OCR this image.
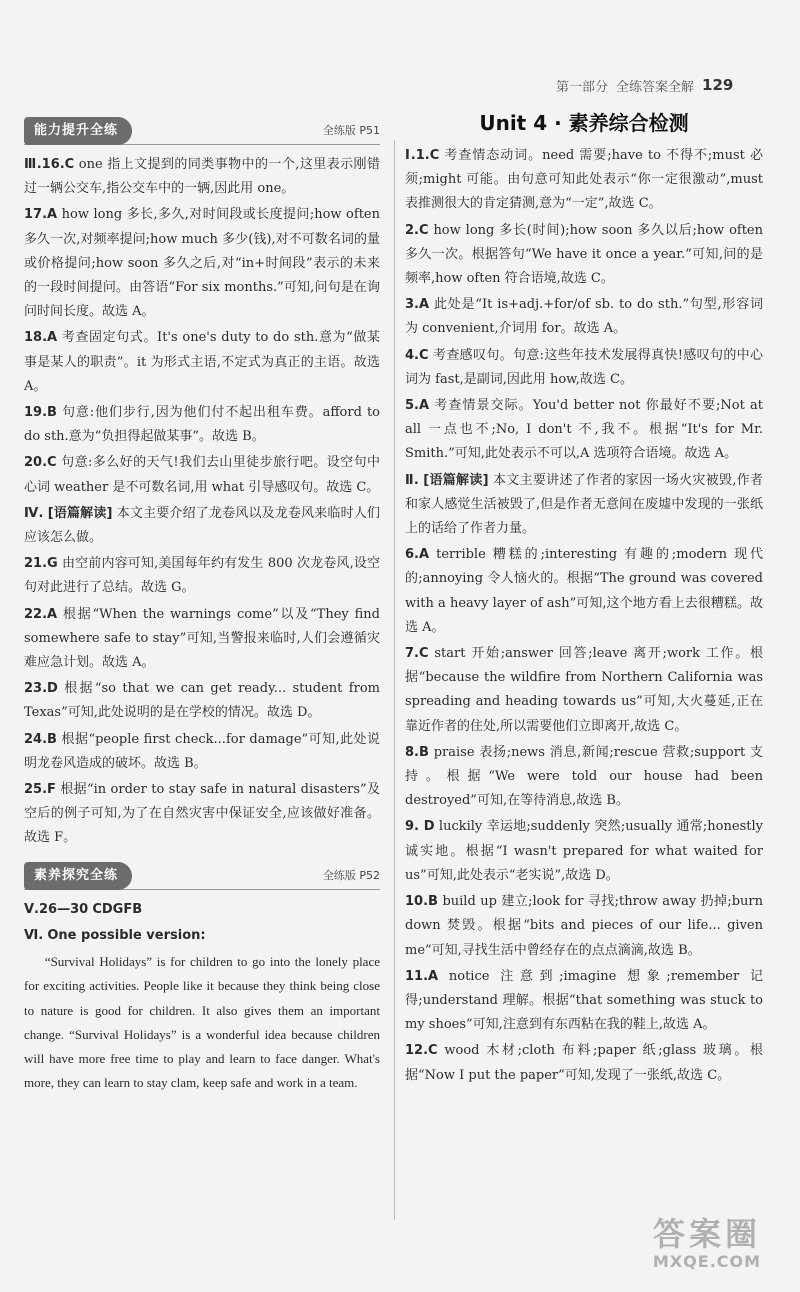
第一部分 全练答案全解 129
能力提升全练	全练版 P51
Ⅲ.16.C one 指上文提到的同类事物中的一个,这里表示刚错过一辆公交车,指公交车中的一辆,因此用 one。
17.A how long 多长,多久,对时间段或长度提问;how often 多久一次,对频率提问;how much 多少(钱),对不可数名词的量或价格提问;how soon 多久之后,对“in+时间段”表示的未来的一段时间提问。由答语“For six months.”可知,问句是在询问时间长度。故选 A。
18.A 考查固定句式。It's one's duty to do sth.意为“做某事是某人的职责”。it 为形式主语,不定式为真正的主语。故选 A。
19.B 句意:他们步行,因为他们付不起出租车费。afford to do sth.意为“负担得起做某事”。故选 B。
20.C 句意:多么好的天气!我们去山里徒步旅行吧。设空句中心词 weather 是不可数名词,用 what 引导感叹句。故选 C。
Ⅳ. [语篇解读] 本文主要介绍了龙卷风以及龙卷风来临时人们应该怎么做。
21.G 由空前内容可知,美国每年约有发生 800 次龙卷风,设空句对此进行了总结。故选 G。
22.A 根据“When the warnings come”以及“They find somewhere safe to stay”可知,当警报来临时,人们会遵循灾难应急计划。故选 A。
23.D 根据“so that we can get ready... student from Texas”可知,此处说明的是在学校的情况。故选 D。
24.B 根据“people first check...for damage”可知,此处说明龙卷风造成的破坏。故选 B。
25.F 根据“in order to stay safe in natural disasters”及空后的例子可知,为了在自然灾害中保证安全,应该做好准备。故选 F。
素养探究全练	全练版 P52
Ⅴ.26—30 CDGFB
Ⅵ. One possible version:

“Survival Holidays” is for children to go into the lonely place for exciting activities. People like it because they think being close to nature is good for children. It also gives them an important change. “Survival Holidays” is a wonderful idea because children will have more free time to play and learn to face danger. What's more, they can learn to stay clam, keep safe and work in a team.

Unit 4 · 素养综合检测
Ⅰ.1.C 考查情态动词。need 需要;have to 不得不;must 必须;might 可能。由句意可知此处表示“你一定很激动”,must 表推测很大的肯定猜测,意为“一定”,故选 C。
2.C how long 多长(时间);how soon 多久以后;how often 多久一次。根据答句“We have it once a year.”可知,问的是频率,how often 符合语境,故选 C。
3.A 此处是“It is+adj.+for/of sb. to do sth.”句型,形容词为 convenient,介词用 for。故选 A。
4.C 考查感叹句。句意:这些年技术发展得真快!感叹句的中心词为 fast,是副词,因此用 how,故选 C。
5.A 考查情景交际。You'd better not 你最好不要;Not at all 一点也不;No, I don't 不,我不。根据“It's for Mr. Smith.”可知,此处表示不可以,A 选项符合语境。故选 A。
Ⅱ. [语篇解读] 本文主要讲述了作者的家因一场火灾被毁,作者和家人感觉生活被毁了,但是作者无意间在废墟中发现的一张纸上的话给了作者力量。
6.A terrible 糟糕的;interesting 有趣的;modern 现代的;annoying 令人恼火的。根据“The ground was covered with a heavy layer of ash”可知,这个地方看上去很糟糕。故选 A。
7.C start 开始;answer 回答;leave 离开;work 工作。根据“because the wildfire from Northern California was spreading and heading towards us”可知,大火蔓延,正在靠近作者的住处,所以需要他们立即离开,故选 C。
8.B praise 表扬;news 消息,新闻;rescue 营救;support 支持。根据“We were told our house had been destroyed”可知,在等待消息,故选 B。
9. D luckily 幸运地;suddenly 突然;usually 通常;honestly 诚实地。根据“I wasn't prepared for what waited for us”可知,此处表示“老实说”,故选 D。
10.B build up 建立;look for 寻找;throw away 扔掉;burn down 焚毁。根据“bits and pieces of our life... given me”可知,寻找生活中曾经存在的点点滴滴,故选 B。
11.A notice 注意到;imagine 想象;remember 记得;understand 理解。根据“that something was stuck to my shoes”可知,注意到有东西粘在我的鞋上,故选 A。
12.C wood 木材;cloth 布料;paper 纸;glass 玻璃。根据“Now I put the paper”可知,发现了一张纸,故选 C。
答案圈
MXQE.COM
